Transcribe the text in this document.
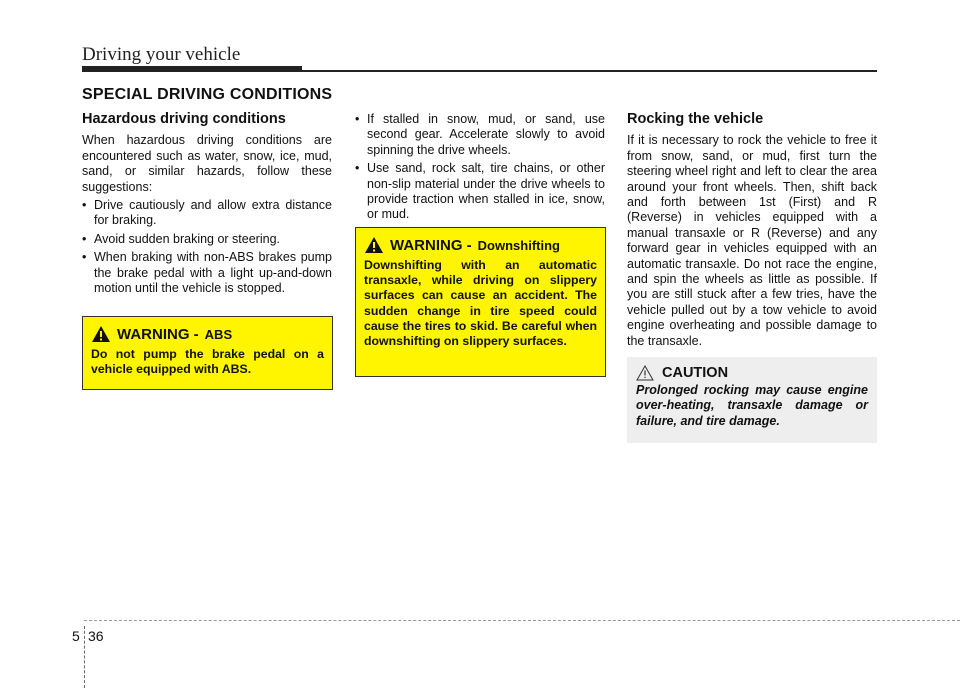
Driving your vehicle
SPECIAL DRIVING CONDITIONS
Hazardous driving conditions

When hazardous driving conditions are encountered such as water, snow, ice, mud, sand, or similar hazards, follow these suggestions:

• Drive cautiously and allow extra distance for braking.
• Avoid sudden braking or steering.
• When braking with non-ABS brakes pump the brake pedal with a light up-and-down motion until the vehicle is stopped.
WARNING - ABS
Do not pump the brake pedal on a vehicle equipped with ABS.
• If stalled in snow, mud, or sand, use second gear. Accelerate slowly to avoid spinning the drive wheels.
• Use sand, rock salt, tire chains, or other non-slip material under the drive wheels to provide traction when stalled in ice, snow, or mud.
WARNING - Downshifting
Downshifting with an automatic transaxle, while driving on slippery surfaces can cause an accident. The sudden change in tire speed could cause the tires to skid. Be careful when downshifting on slippery surfaces.
Rocking the vehicle

If it is necessary to rock the vehicle to free it from snow, sand, or mud, first turn the steering wheel right and left to clear the area around your front wheels. Then, shift back and forth between 1st (First) and R (Reverse) in vehicles equipped with a manual transaxle or R (Reverse) and any forward gear in vehicles equipped with an automatic transaxle. Do not race the engine, and spin the wheels as little as possible. If you are still stuck after a few tries, have the vehicle pulled out by a tow vehicle to avoid engine overheating and possible damage to the transaxle.

CAUTION
Prolonged rocking may cause engine over-heating, transaxle damage or failure, and tire damage.
5 36
